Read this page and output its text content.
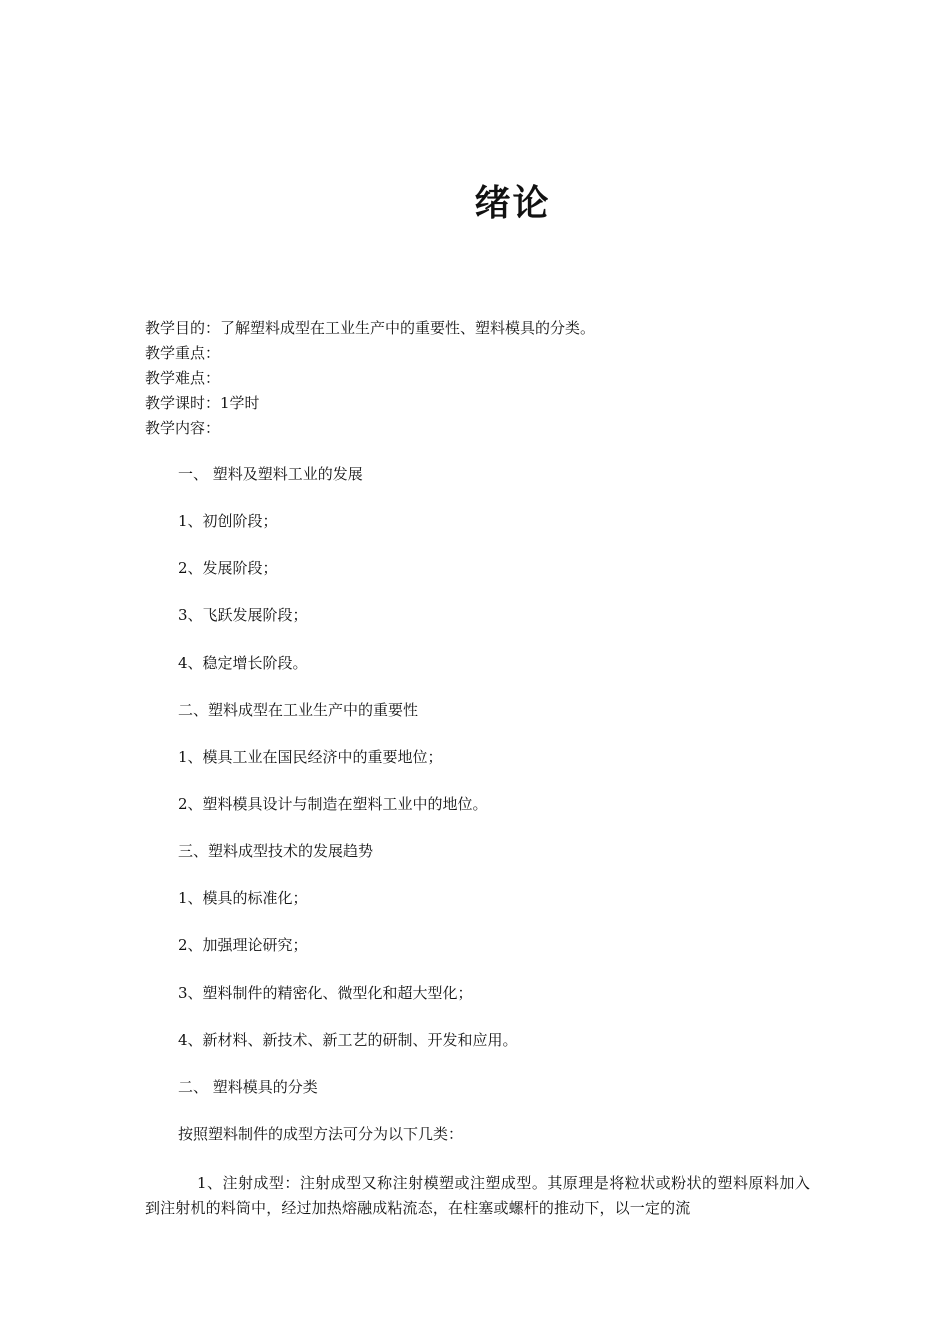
绪论
教学目的：了解塑料成型在工业生产中的重要性、塑料模具的分类。
教学重点：
教学难点：
教学课时：1学时
教学内容：
一、 塑料及塑料工业的发展
1、初创阶段；
2、发展阶段；
3、飞跃发展阶段；
4、稳定增长阶段。
二、塑料成型在工业生产中的重要性
1、模具工业在国民经济中的重要地位；
2、塑料模具设计与制造在塑料工业中的地位。
三、塑料成型技术的发展趋势
1、模具的标准化；
2、加强理论研究；
3、塑料制件的精密化、微型化和超大型化；
4、新材料、新技术、新工艺的研制、开发和应用。
二、 塑料模具的分类
按照塑料制件的成型方法可分为以下几类：
1、注射成型：注射成型又称注射模塑或注塑成型。其原理是将粒状或粉状的塑料原料加入到注射机的料筒中，经过加热熔融成粘流态，在柱塞或螺杆的推动下，以一定的流
